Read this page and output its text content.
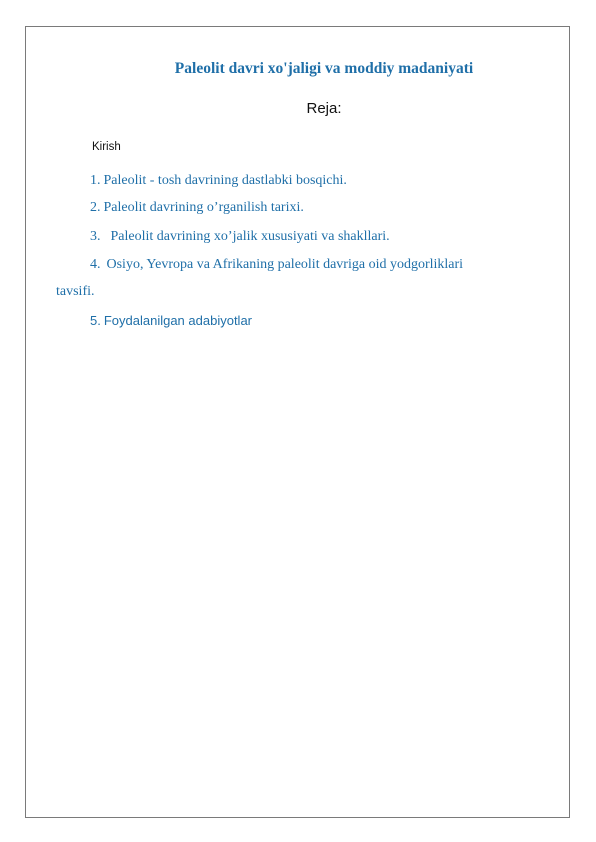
Paleolit davri xo'jaligi va moddiy madaniyati
Reja:
Kirish
1. Paleolit - tosh davrining dastlabki bosqichi.
2. Paleolit davrining o’rganilish tarixi.
3. Paleolit davrining xo’jalik xususiyati va shakllari.
4. Osiyo, Yevropa va Afrikaning paleolit davriga oid yodgorliklari
tavsifi.
5. Foydalanilgan adabiyotlar
